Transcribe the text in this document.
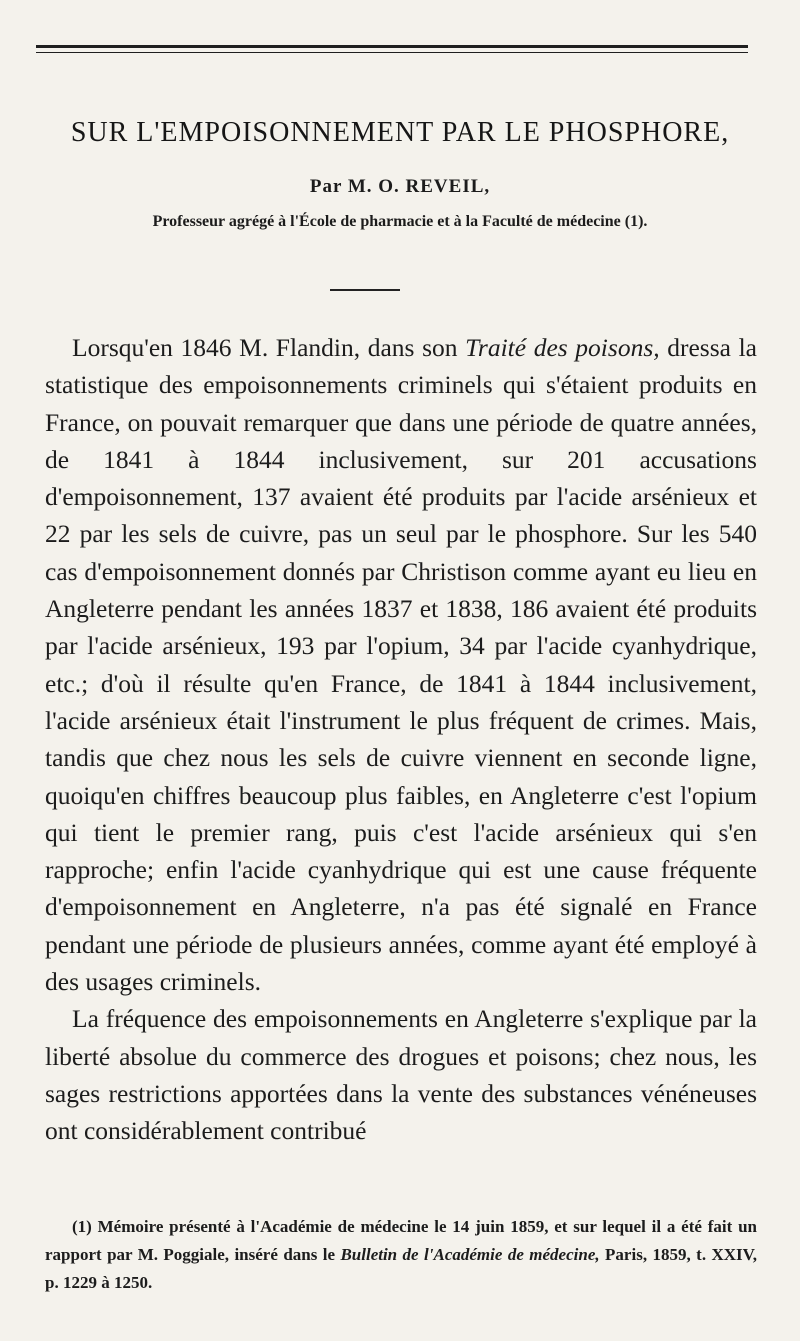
SUR L'EMPOISONNEMENT PAR LE PHOSPHORE,
Par M. O. REVEIL,
Professeur agrégé à l'École de pharmacie et à la Faculté de médecine (1).

Lorsqu'en 1846 M. Flandin, dans son Traité des poisons, dressa la statistique des empoisonnements criminels qui s'étaient produits en France, on pouvait remarquer que dans une période de quatre années, de 1841 à 1844 inclusivement, sur 201 accusations d'empoisonnement, 137 avaient été produits par l'acide arsénieux et 22 par les sels de cuivre, pas un seul par le phosphore. Sur les 540 cas d'empoisonnement donnés par Christison comme ayant eu lieu en Angleterre pendant les années 1837 et 1838, 186 avaient été produits par l'acide arsénieux, 193 par l'opium, 34 par l'acide cyanhydrique, etc.; d'où il résulte qu'en France, de 1841 à 1844 inclusivement, l'acide arsénieux était l'instrument le plus fréquent de crimes. Mais, tandis que chez nous les sels de cuivre viennent en seconde ligne, quoiqu'en chiffres beaucoup plus faibles, en Angleterre c'est l'opium qui tient le premier rang, puis c'est l'acide arsénieux qui s'en rapproche; enfin l'acide cyanhydrique qui est une cause fréquente d'empoisonnement en Angleterre, n'a pas été signalé en France pendant une période de plusieurs années, comme ayant été employé à des usages criminels.

La fréquence des empoisonnements en Angleterre s'explique par la liberté absolue du commerce des drogues et poisons; chez nous, les sages restrictions apportées dans la vente des substances vénéneuses ont considérablement contribué

(1) Mémoire présenté à l'Académie de médecine le 14 juin 1859, et sur lequel il a été fait un rapport par M. Poggiale, inséré dans le Bulletin de l'Académie de médecine, Paris, 1859, t. XXIV, p. 1229 à 1250.
